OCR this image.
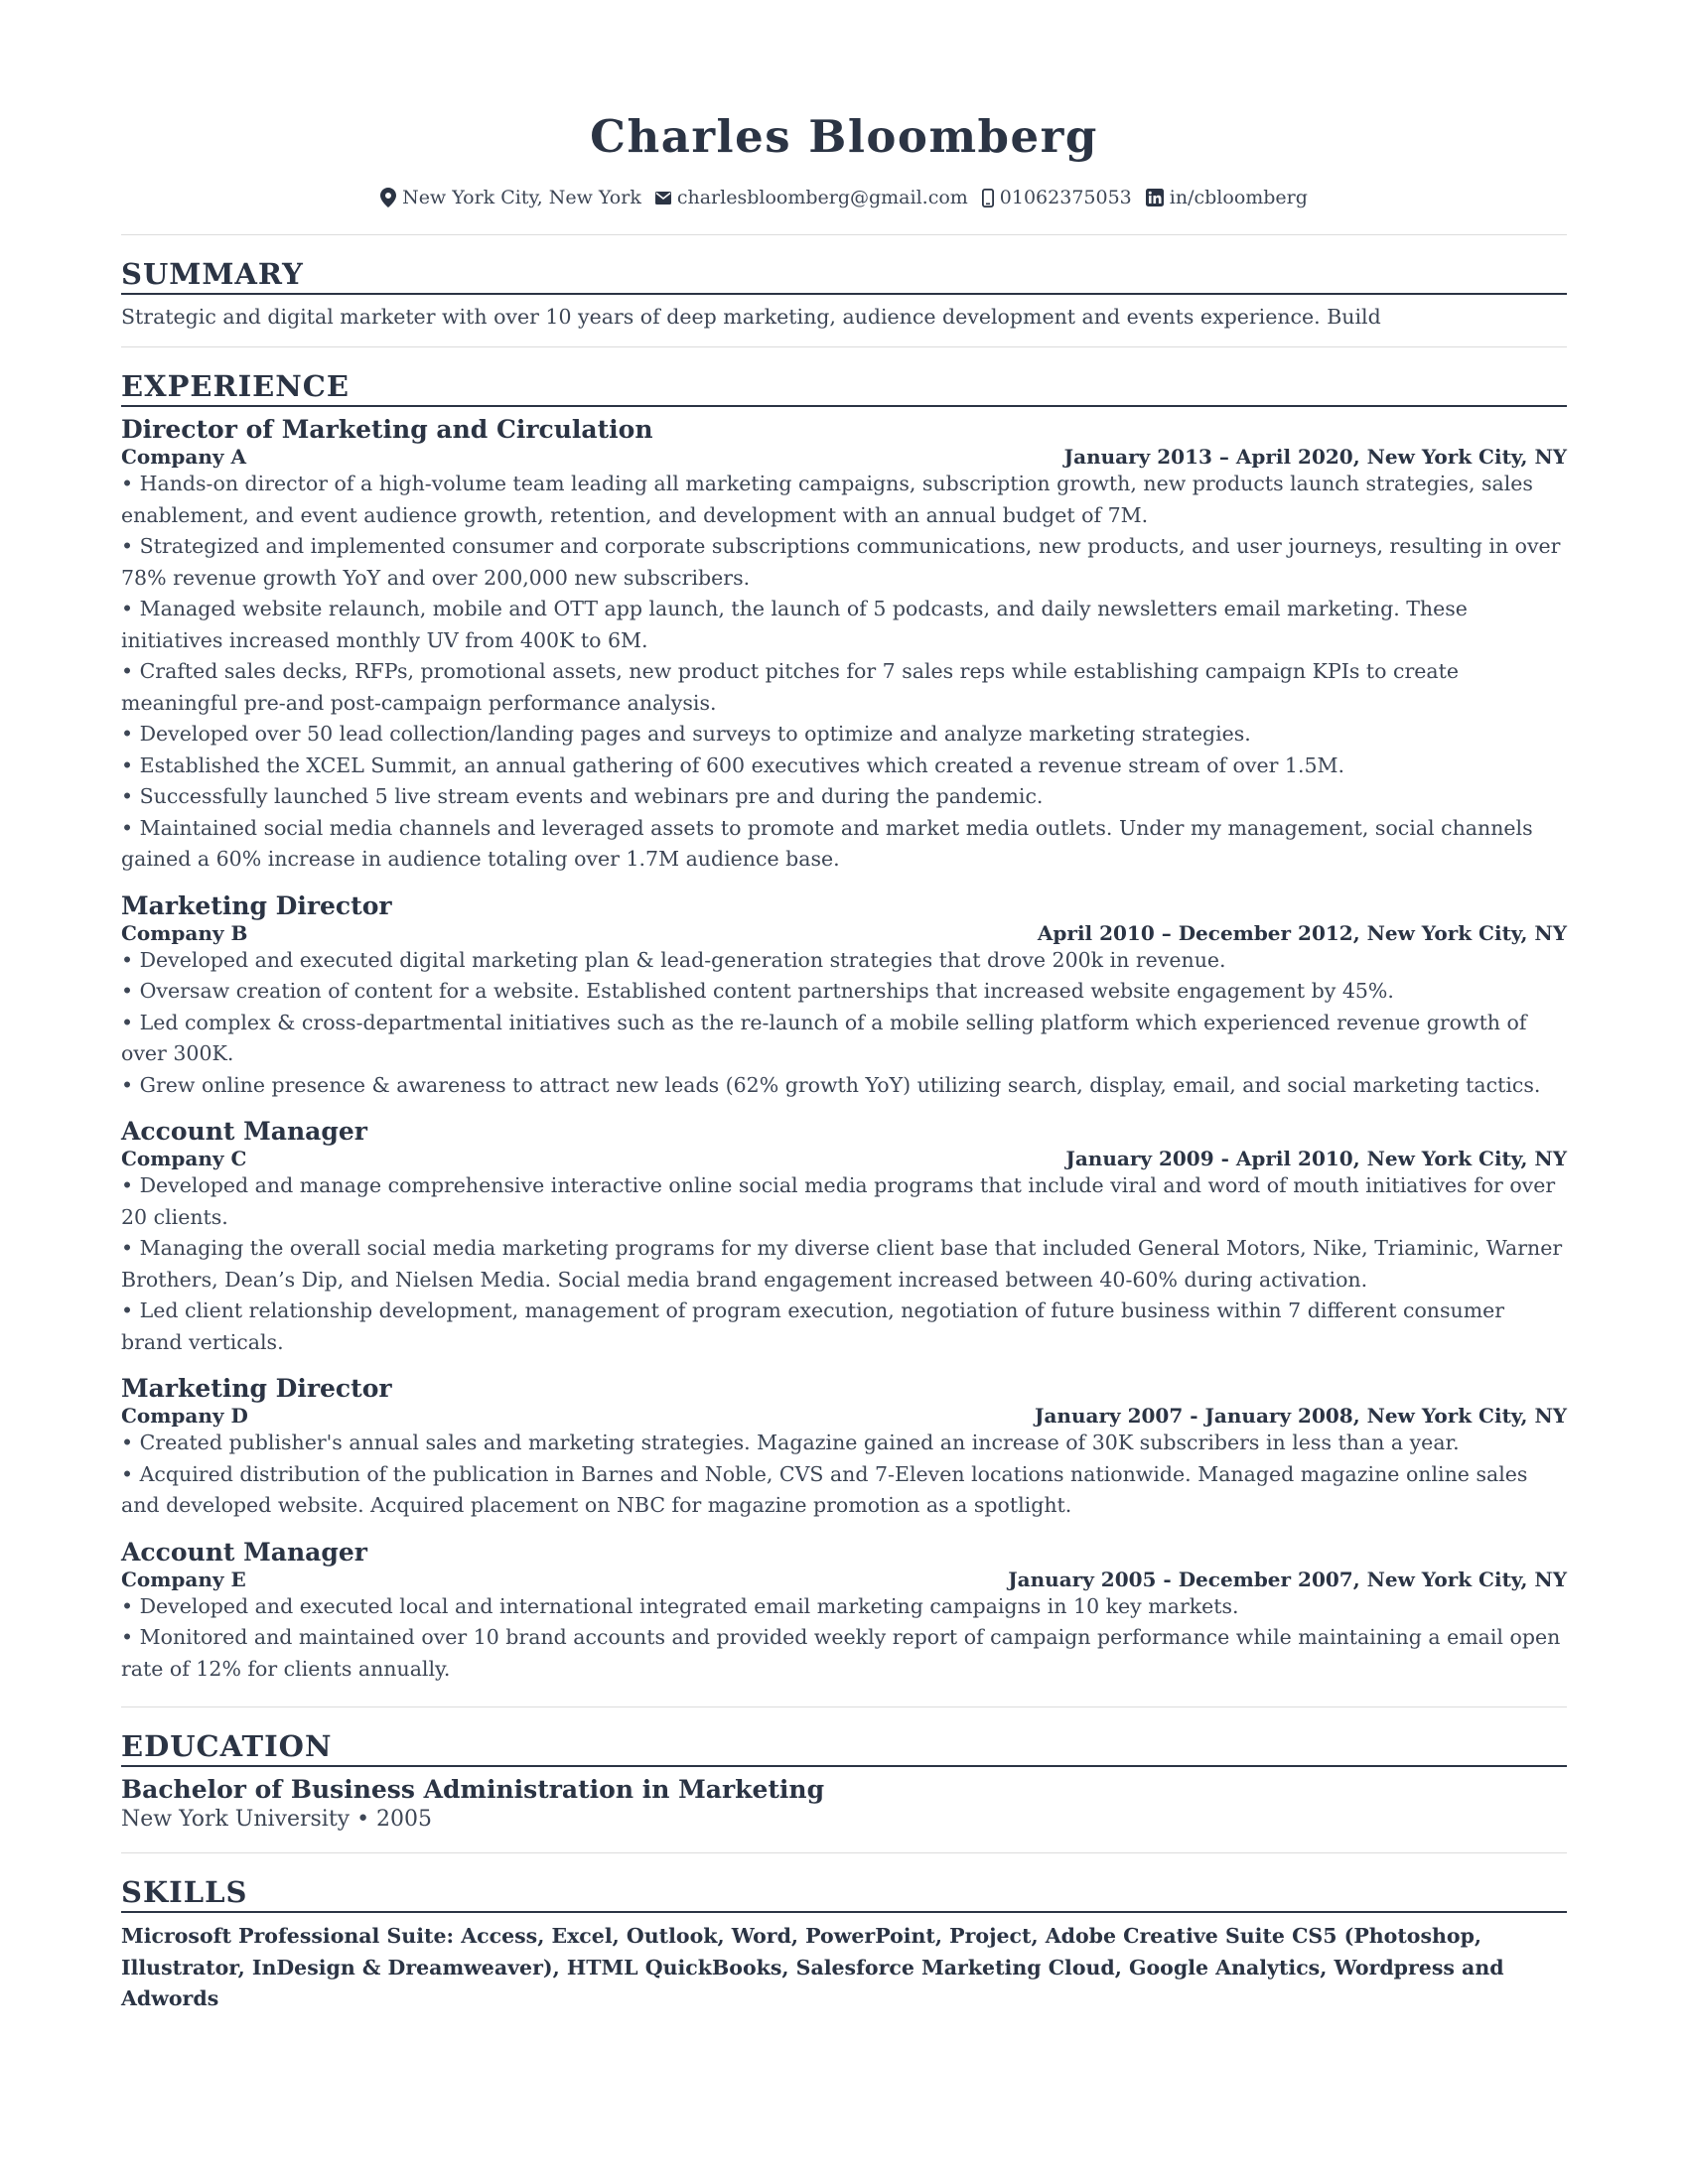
Charles Bloomberg
New York City, New York charlesbloomberg@gmail.com 01062375053 in/cbloomberg
SUMMARY

Strategic and digital marketer with over 10 years of deep marketing, audience development and events experience. Build

EXPERIENCE
Director of Marketing and Circulation
Company A	January 2013 – April 2020, New York City, NY

• Hands-on director of a high-volume team leading all marketing campaigns, subscription growth, new products launch strategies, sales enablement, and event audience growth, retention, and development with an annual budget of 7M.

• Strategized and implemented consumer and corporate subscriptions communications, new products, and user journeys, resulting in over 78% revenue growth YoY and over 200,000 new subscribers.

• Managed website relaunch, mobile and OTT app launch, the launch of 5 podcasts, and daily newsletters email marketing. These initiatives increased monthly UV from 400K to 6M.

• Crafted sales decks, RFPs, promotional assets, new product pitches for 7 sales reps while establishing campaign KPIs to create meaningful pre-and post-campaign performance analysis.

• Developed over 50 lead collection/landing pages and surveys to optimize and analyze marketing strategies.

• Established the XCEL Summit, an annual gathering of 600 executives which created a revenue stream of over 1.5M.

• Successfully launched 5 live stream events and webinars pre and during the pandemic.

• Maintained social media channels and leveraged assets to promote and market media outlets. Under my management, social channels gained a 60% increase in audience totaling over 1.7M audience base.

Marketing Director
Company B	April 2010 – December 2012, New York City, NY

• Developed and executed digital marketing plan & lead-generation strategies that drove 200k in revenue.

• Oversaw creation of content for a website. Established content partnerships that increased website engagement by 45%.

• Led complex & cross-departmental initiatives such as the re-launch of a mobile selling platform which experienced revenue growth of over 300K.

• Grew online presence & awareness to attract new leads (62% growth YoY) utilizing search, display, email, and social marketing tactics.

Account Manager
Company C	January 2009 - April 2010, New York City, NY

• Developed and manage comprehensive interactive online social media programs that include viral and word of mouth initiatives for over 20 clients.

• Managing the overall social media marketing programs for my diverse client base that included General Motors, Nike, Triaminic, Warner Brothers, Dean’s Dip, and Nielsen Media. Social media brand engagement increased between 40-60% during activation.

• Led client relationship development, management of program execution, negotiation of future business within 7 different consumer brand verticals.

Marketing Director
Company D	January 2007 - January 2008, New York City, NY

• Created publisher's annual sales and marketing strategies. Magazine gained an increase of 30K subscribers in less than a year.

• Acquired distribution of the publication in Barnes and Noble, CVS and 7-Eleven locations nationwide. Managed magazine online sales and developed website. Acquired placement on NBC for magazine promotion as a spotlight.

Account Manager
Company E	January 2005 - December 2007, New York City, NY

• Developed and executed local and international integrated email marketing campaigns in 10 key markets.

• Monitored and maintained over 10 brand accounts and provided weekly report of campaign performance while maintaining a email open rate of 12% for clients annually.

EDUCATION
Bachelor of Business Administration in Marketing
New York University • 2005
SKILLS
Microsoft Professional Suite: Access, Excel, Outlook, Word, PowerPoint, Project, Adobe Creative Suite CS5 (Photoshop, Illustrator, InDesign & Dreamweaver), HTML QuickBooks, Salesforce Marketing Cloud, Google Analytics, Wordpress and Adwords
